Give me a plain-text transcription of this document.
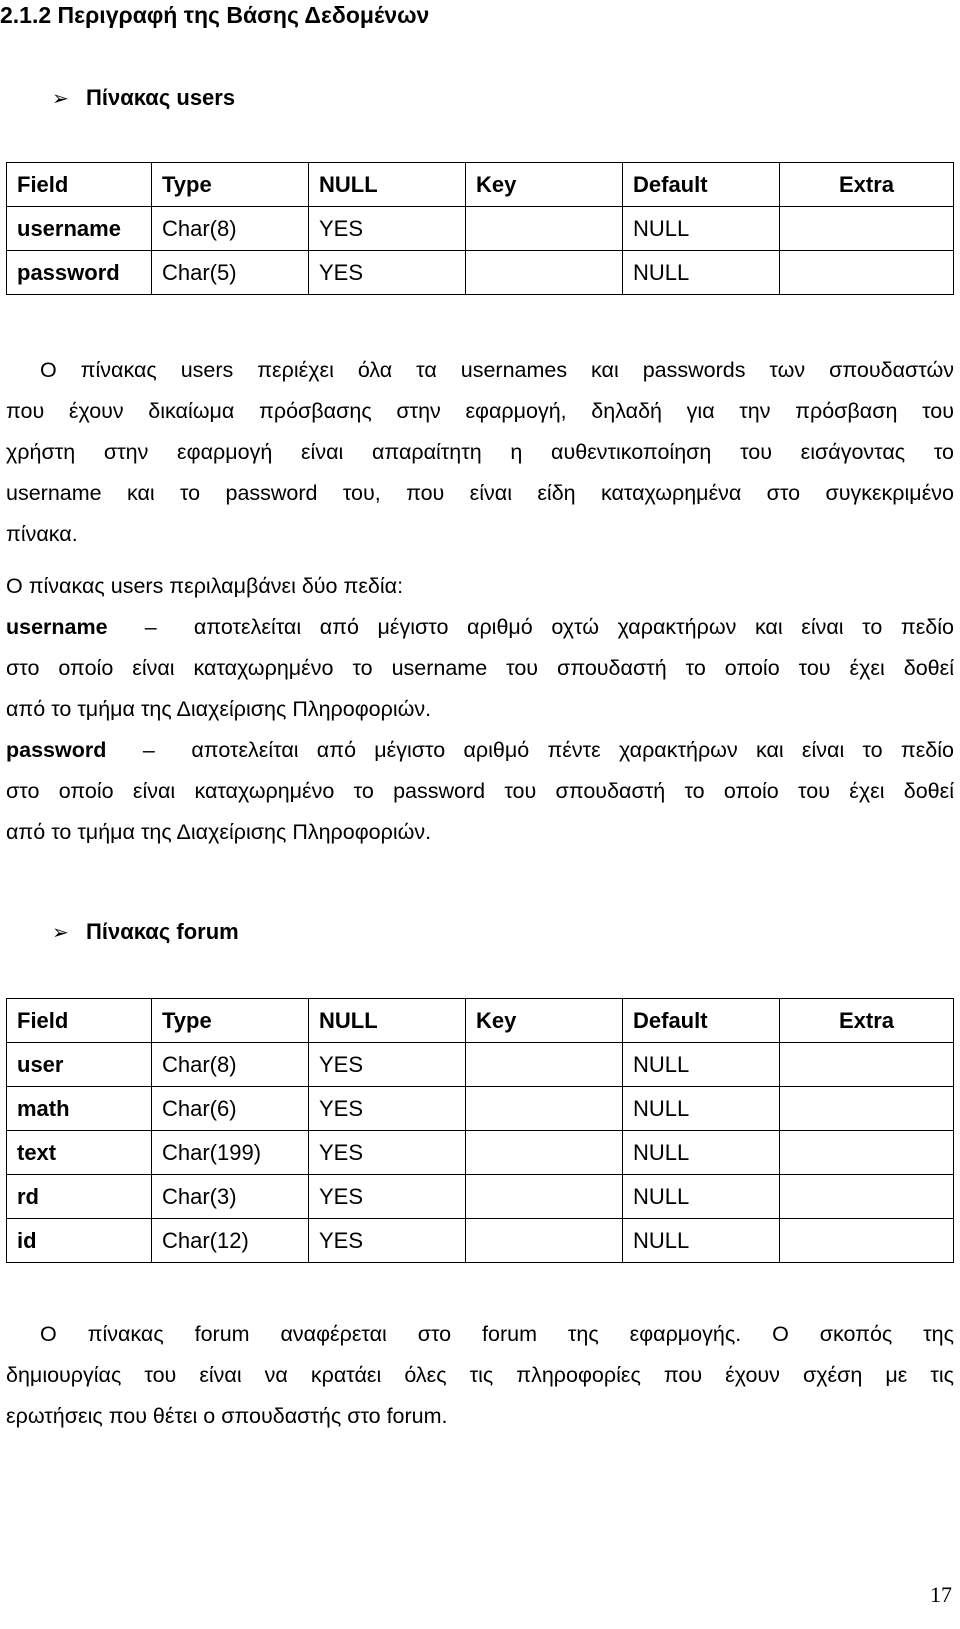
2.1.2 Περιγραφή της Βάσης Δεδομένων
➢ Πίνακας users
Field	Type	NULL	Key	Default	Extra
username	Char(8)	YES		NULL	
password	Char(5)	YES		NULL	
Ο πίνακας users περιέχει όλα τα usernames και passwords των σπουδαστών
που έχουν δικαίωμα πρόσβασης στην εφαρμογή, δηλαδή για την πρόσβαση του
χρήστη στην εφαρμογή είναι απαραίτητη η αυθεντικοποίηση του εισάγοντας το
username και το password του, που είναι είδη καταχωρημένα στο συγκεκριμένο
πίνακα.
Ο πίνακας users περιλαμβάνει δύο πεδία:
username  –  αποτελείται από μέγιστο αριθμό οχτώ χαρακτήρων και είναι το πεδίο
στο οποίο είναι καταχωρημένο το username του σπουδαστή το οποίο του έχει δοθεί
από το τμήμα της Διαχείρισης Πληροφοριών.
password  –  αποτελείται από μέγιστο αριθμό πέντε χαρακτήρων και είναι το πεδίο
στο οποίο είναι καταχωρημένο το password του σπουδαστή το οποίο του έχει δοθεί
από το τμήμα της Διαχείρισης Πληροφοριών.
➢ Πίνακας forum
Field	Type	NULL	Key	Default	Extra
user	Char(8)	YES		NULL	
math	Char(6)	YES		NULL	
text	Char(199)	YES		NULL	
rd	Char(3)	YES		NULL	
id	Char(12)	YES		NULL	
Ο πίνακας forum αναφέρεται στο forum της εφαρμογής. Ο σκοπός της
δημιουργίας του είναι να κρατάει όλες τις πληροφορίες που έχουν σχέση με τις
ερωτήσεις που θέτει ο σπουδαστής στο forum.
17
